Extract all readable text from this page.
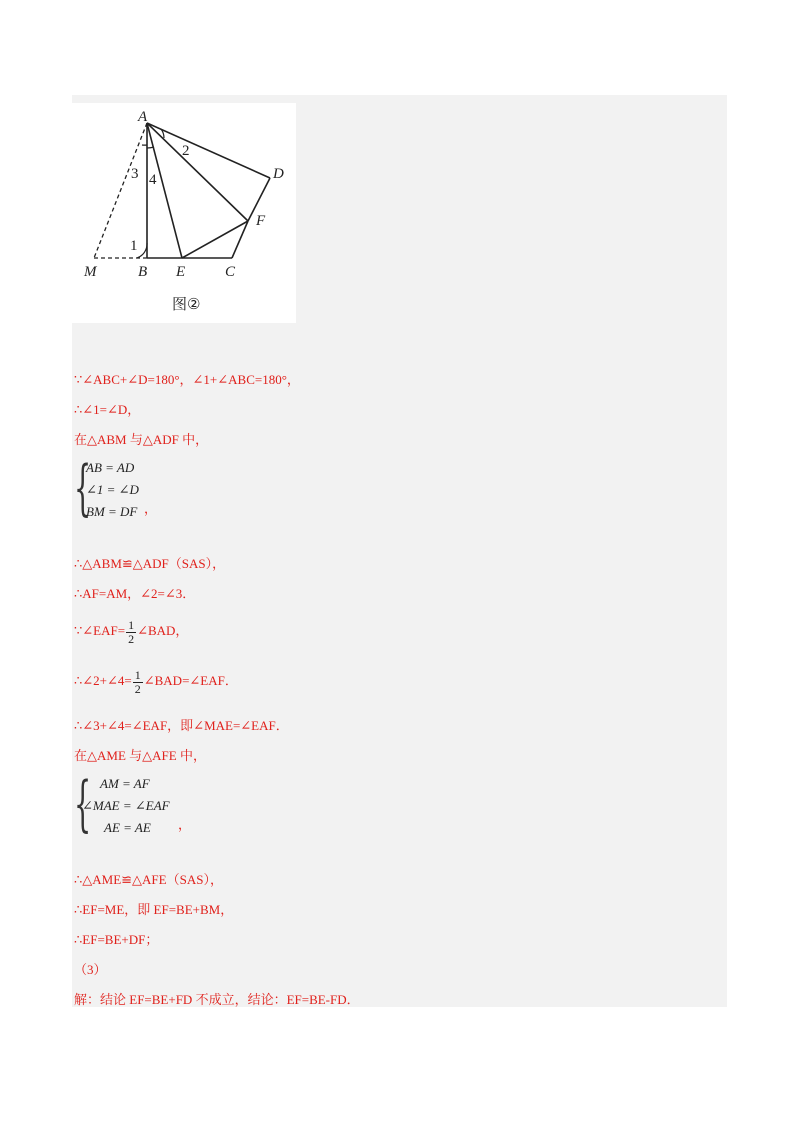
A
D
F
M	B E	C
1
2
3 4
图②
∵∠ABC+∠D=180°，∠1+∠ABC=180°，
∴∠1=∠D，
在△ABM 与△ADF 中，
{
AB = AD
∠1 = ∠D
BM = DF ，
∴△ABM≌△ADF（SAS），
∴AF=AM，∠2=∠3．
∵∠EAF= $\frac{1}{2}$ ∠BAD，
∴∠2+∠4= $\frac{1}{2}$ ∠BAD=∠EAF．
∴∠3+∠4=∠EAF，即∠MAE=∠EAF．
在△AME 与△AFE 中，
{ AM = AF
∠MAE = ∠EAF
AE = AE ，
∴△AME≌△AFE（SAS），
∴EF=ME，即 EF=BE+BM，
∴EF=BE+DF；
（3）
解：结论 EF=BE+FD 不成立，结论：EF=BE-FD．
